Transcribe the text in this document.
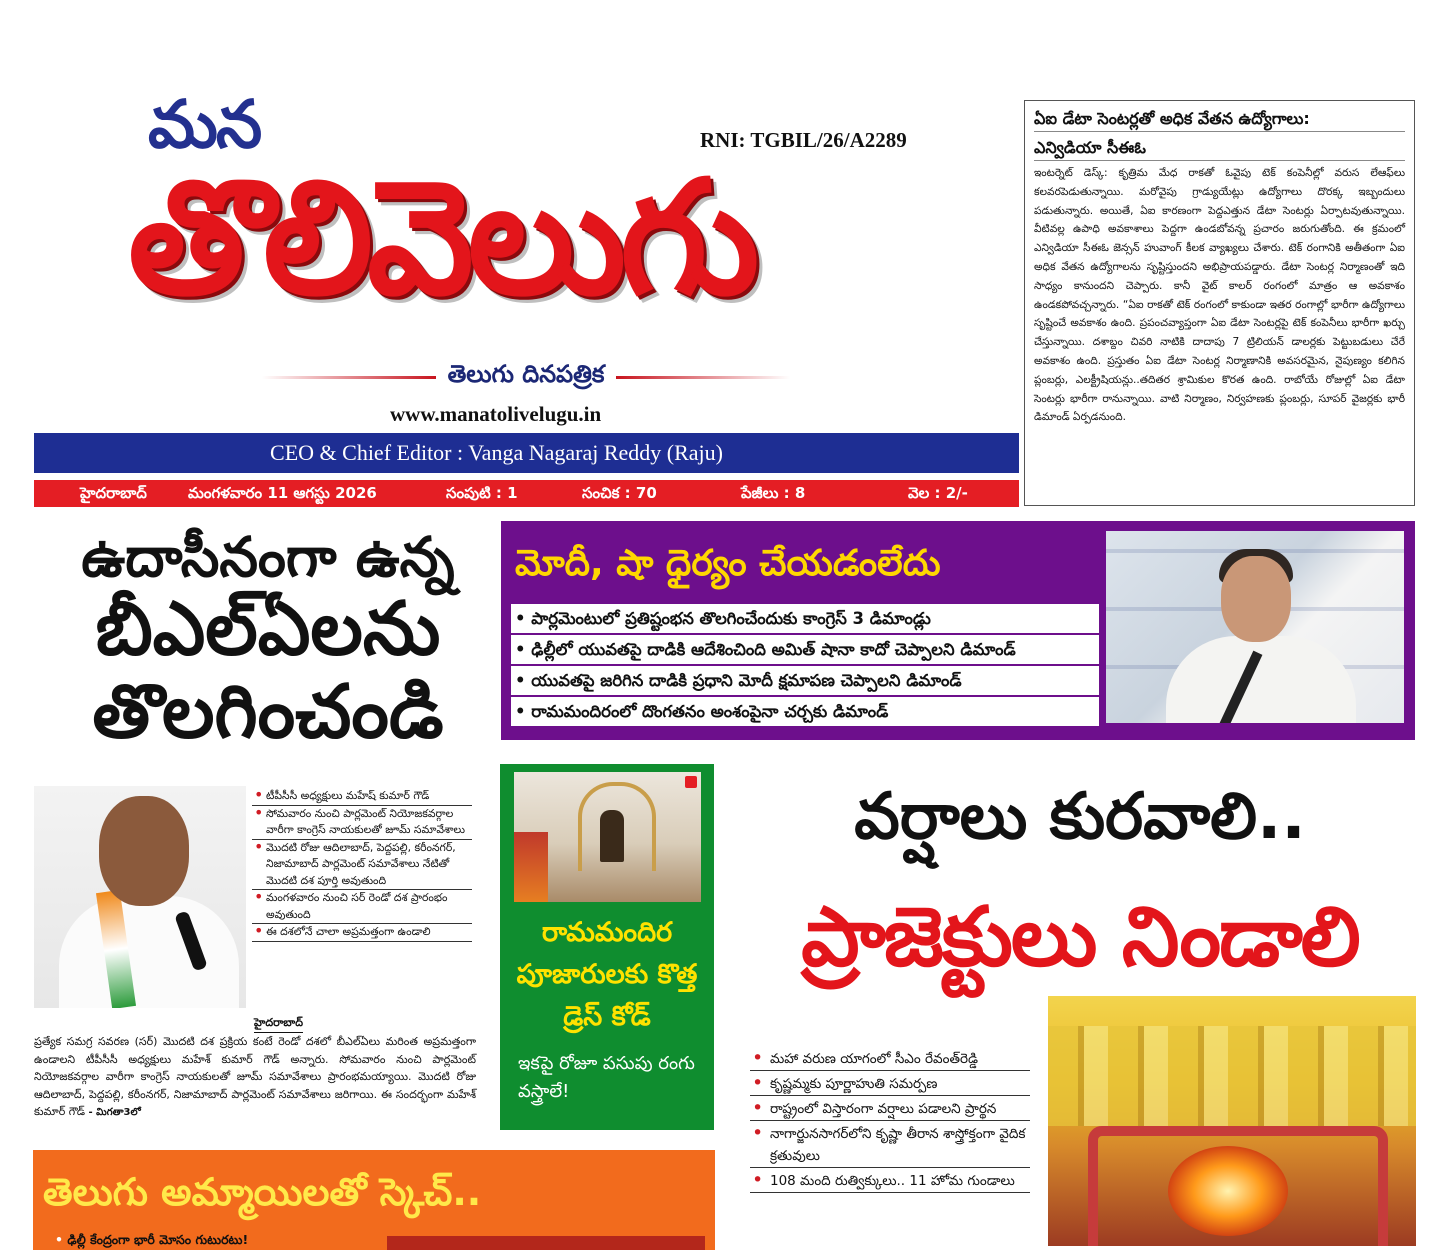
మన
తొలివెలుగు
RNI: TGBIL/26/A2289
తెలుగు దినపత్రిక
www.manatolivelugu.in
CEO & Chief Editor : Vanga Nagaraj Reddy (Raju)
హైదరాబాద్	మంగళవారం 11 ఆగస్టు 2026	సంపుటి : 1	సంచిక : 70	పేజీలు : 8	వెల : 2/-
ఏఐ డేటా సెంటర్లతో అధిక వేతన ఉద్యోగాలు:
ఎన్విడియా సీఈఓ
ఇంటర్నెట్ డెస్క్: కృత్రిమ మేధ రాకతో ఓవైపు టెక్ కంపెనీల్లో వరుస లేఆఫ్‌లు కలవరపెడుతున్నాయి. మరోవైపు గ్రాడ్యుయేట్లు ఉద్యోగాలు దొరక్క ఇబ్బందులు పడుతున్నారు. అయితే, ఏఐ కారణంగా పెద్దఎత్తున డేటా సెంటర్లు ఏర్పాటవుతున్నాయి. వీటివల్ల ఉపాధి అవకాశాలు పెద్దగా ఉండబోవన్న ప్రచారం జరుగుతోంది. ఈ క్రమంలో ఎన్విడియా సీఈఓ జెన్సన్ హువాంగ్ కీలక వ్యాఖ్యలు చేశారు. టెక్ రంగానికి అతీతంగా ఏఐ అధిక వేతన ఉద్యోగాలను సృష్టిస్తుందని అభిప్రాయపడ్డారు. డేటా సెంటర్ల నిర్మాణంతో ఇది సాధ్యం కానుందని చెప్పారు. కానీ వైట్ కాలర్ రంగంలో మాత్రం ఆ అవకాశం ఉండకపోవచ్చన్నారు. “ఏఐ రాకతో టెక్ రంగంలో కాకుండా ఇతర రంగాల్లో భారీగా ఉద్యోగాలు సృష్టించే అవకాశం ఉంది. ప్రపంచవ్యాప్తంగా ఏఐ డేటా సెంటర్లపై టెక్ కంపెనీలు భారీగా ఖర్చు చేస్తున్నాయి. దశాబ్దం చివరి నాటికి దాదాపు 7 ట్రిలియన్ డాలర్లకు పెట్టుబడులు చేరే అవకాశం ఉంది. ప్రస్తుతం ఏఐ డేటా సెంటర్ల నిర్మాణానికి అవసరమైన, నైపుణ్యం కలిగిన ప్లంబర్లు, ఎలక్ట్రీషియన్లు..తదితర శ్రామికుల కొరత ఉంది. రాబోయే రోజుల్లో ఏఐ డేటా సెంటర్లు భారీగా రానున్నాయి. వాటి నిర్మాణం, నిర్వహణకు ప్లంబర్లు, సూపర్ వైజర్లకు భారీ డిమాండ్ ఏర్పడనుంది.
ఉదాసీనంగా ఉన్న
బీఎల్ఏలను
తొలగించండి
మోదీ, షా ధైర్యం చేయడంలేదు
• పార్లమెంటులో ప్రతిష్టంభన తొలగించేందుకు కాంగ్రెస్ 3 డిమాండ్లు
• ఢిల్లీలో యువతపై దాడికి ఆదేశించింది అమిత్ షానా కాదో చెప్పాలని డిమాండ్
• యువతపై జరిగిన దాడికి ప్రధాని మోదీ క్షమాపణ చెప్పాలని డిమాండ్
• రామమందిరంలో దొంగతనం అంశంపైనా చర్చకు డిమాండ్
• టీపీసీసీ అధ్యక్షులు మహేష్ కుమార్ గౌడ్
• సోమవారం నుంచి పార్లమెంట్ నియోజకవర్గాల వారీగా కాంగ్రెస్ నాయకులతో జూమ్ సమావేశాలు
• మొదటి రోజు ఆదిలాబాద్, పెద్దపల్లి, కరీంనగర్, నిజామాబాద్ పార్లమెంట్ సమావేశాలు నేటితో మొదటి దశ పూర్తి అవుతుంది
• మంగళవారం నుంచి సర్ రెండో దశ ప్రారంభం అవుతుంది
• ఈ దశలోనే చాలా అప్రమత్తంగా ఉండాలి
హైదరాబాద్
ప్రత్యేక సమగ్ర సవరణ (సర్) మొదటి దశ ప్రక్రియ కంటే రెండో దశలో బీఎల్ఏలు మరింత అప్రమత్తంగా ఉండాలని టీపీసీసీ అధ్యక్షులు మహేశ్ కుమార్ గౌడ్ అన్నారు. సోమవారం నుంచి పార్లమెంట్ నియోజకవర్గాల వారీగా కాంగ్రెస్ నాయకులతో జూమ్ సమావేశాలు ప్రారంభమయ్యాయి. మొదటి రోజు ఆదిలాబాద్, పెద్దపల్లి, కరీంనగర్, నిజామాబాద్ పార్లమెంట్ సమావేశాలు జరిగాయి. ఈ సందర్భంగా మహేశ్ కుమార్ గౌడ్ - మిగతా3లో
రామమందిర పూజారులకు కొత్త డ్రెస్ కోడ్
ఇకపై రోజూ పసుపు రంగు వస్త్రాలే!
వర్షాలు కురవాలి..
ప్రాజెక్టులు నిండాలి
• మహా వరుణ యాగంలో సీఎం రేవంత్‌రెడ్డి
• కృష్ణమ్మకు పూర్ణాహుతి సమర్పణ
• రాష్ట్రంలో విస్తారంగా వర్షాలు పడాలని ప్రార్థన
• నాగార్జునసాగర్‌లోని కృష్ణా తీరాన శాస్త్రోక్తంగా వైదిక క్రతువులు
• 108 మంది రుత్విక్కులు.. 11 హోమ గుండాలు
తెలుగు అమ్మాయిలతో స్కెచ్..
• ఢిల్లీ కేంద్రంగా భారీ మోసం గుటురటు!
